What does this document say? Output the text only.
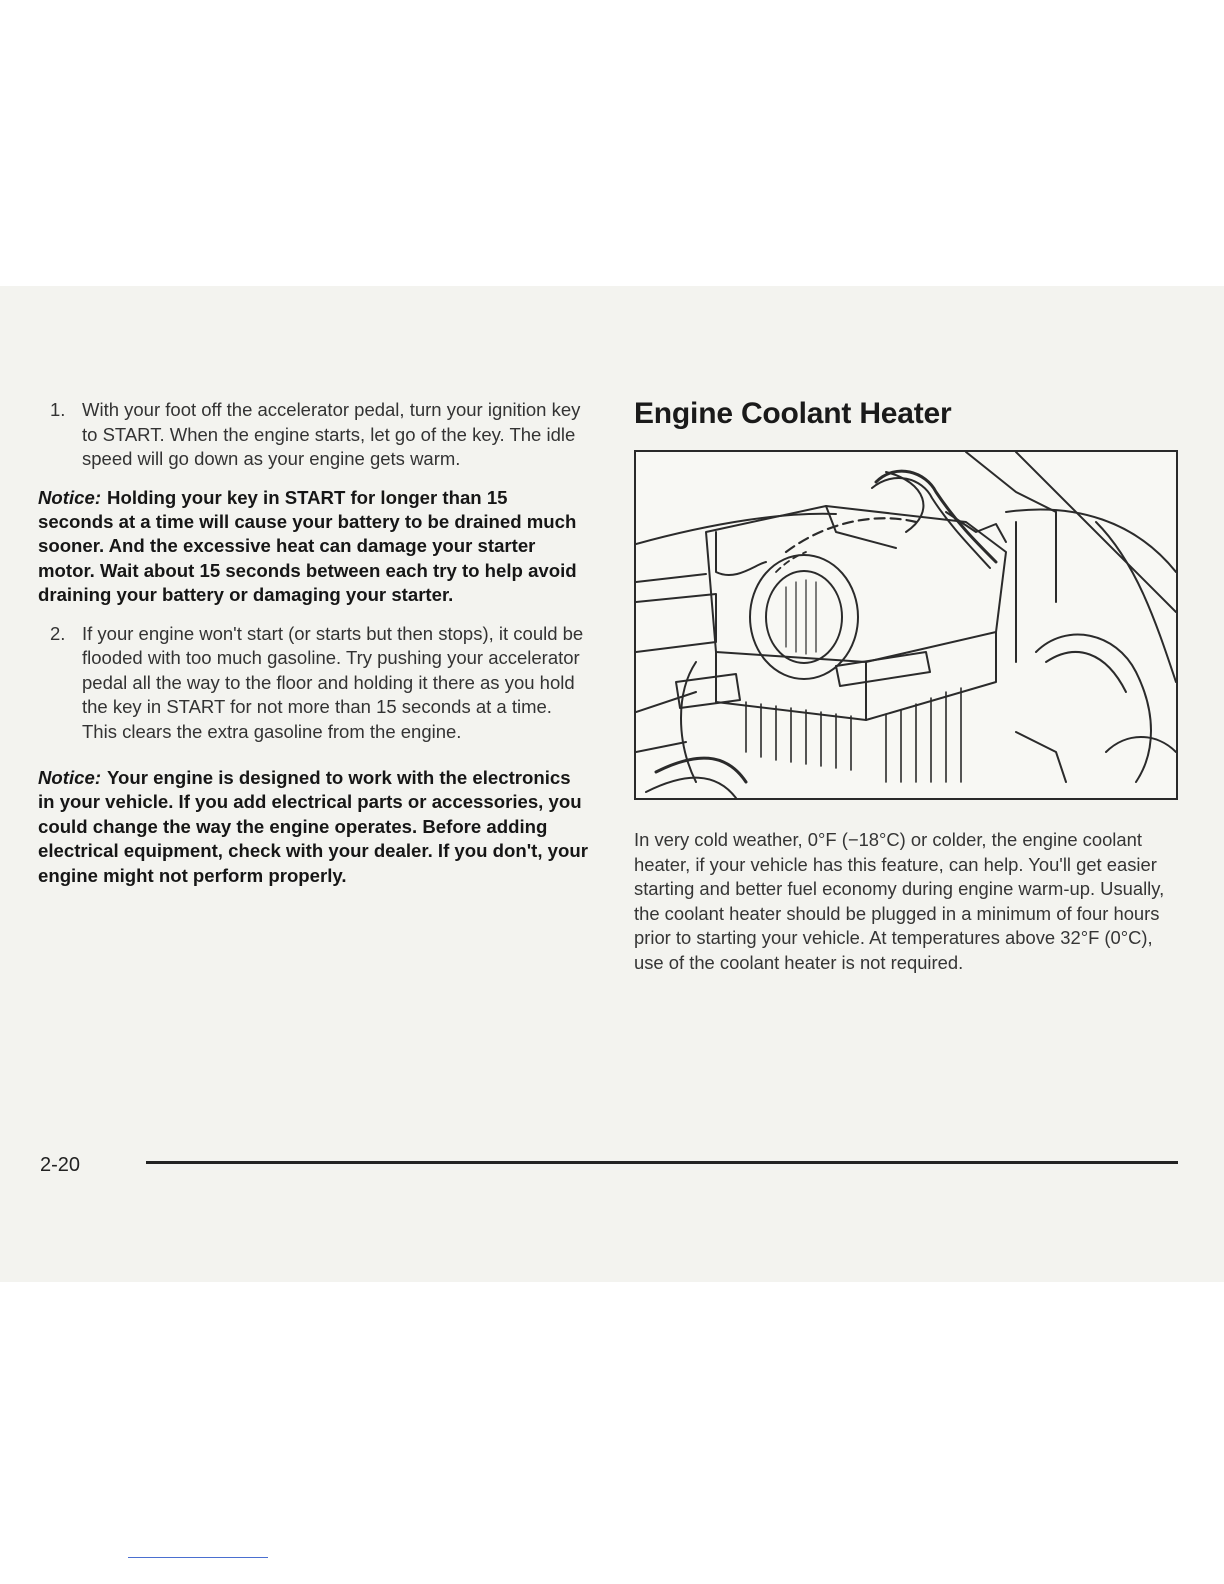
1. With your foot off the accelerator pedal, turn your ignition key to START. When the engine starts, let go of the key. The idle speed will go down as your engine gets warm.
Notice: Holding your key in START for longer than 15 seconds at a time will cause your battery to be drained much sooner. And the excessive heat can damage your starter motor. Wait about 15 seconds between each try to help avoid draining your battery or damaging your starter.
2. If your engine won't start (or starts but then stops), it could be flooded with too much gasoline. Try pushing your accelerator pedal all the way to the floor and holding it there as you hold the key in START for not more than 15 seconds at a time. This clears the extra gasoline from the engine.
Notice: Your engine is designed to work with the electronics in your vehicle. If you add electrical parts or accessories, you could change the way the engine operates. Before adding electrical equipment, check with your dealer. If you don't, your engine might not perform properly.
Engine Coolant Heater

In very cold weather, 0°F (−18°C) or colder, the engine coolant heater, if your vehicle has this feature, can help. You'll get easier starting and better fuel economy during engine warm-up. Usually, the coolant heater should be plugged in a minimum of four hours prior to starting your vehicle. At temperatures above 32°F (0°C), use of the coolant heater is not required.

2-20
